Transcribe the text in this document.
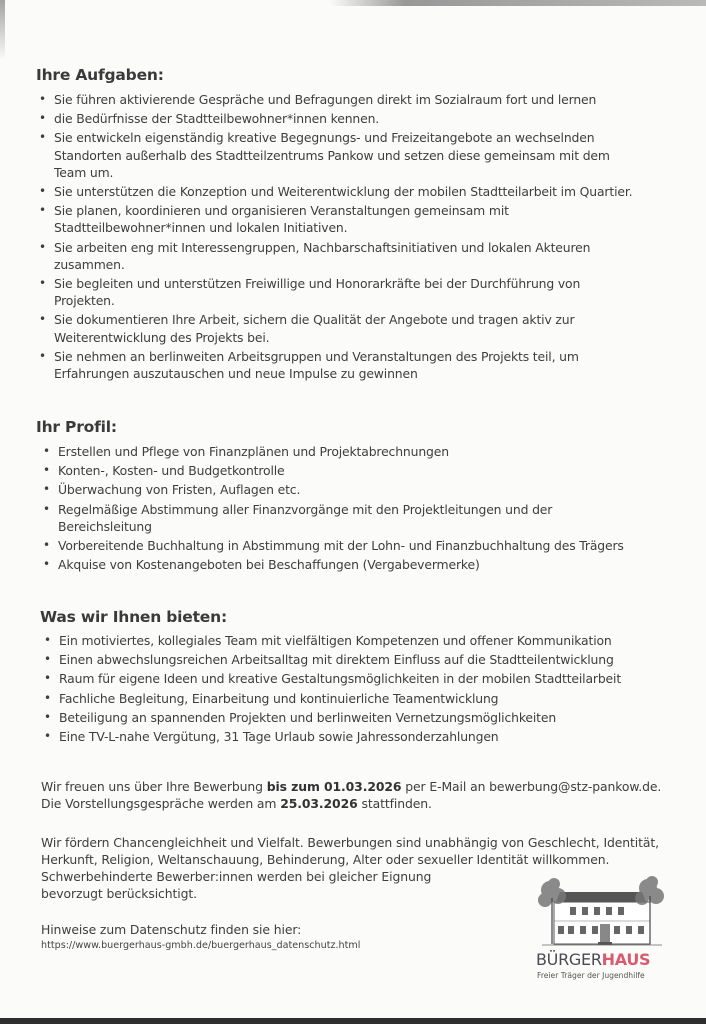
Ihre Aufgaben:
• Sie führen aktivierende Gespräche und Befragungen direkt im Sozialraum fort und lernen
• die Bedürfnisse der Stadtteilbewohner*innen kennen.
• Sie entwickeln eigenständig kreative Begegnungs- und Freizeitangebote an wechselnden Standorten außerhalb des Stadtteilzentrums Pankow und setzen diese gemeinsam mit dem Team um.
• Sie unterstützen die Konzeption und Weiterentwicklung der mobilen Stadtteilarbeit im Quartier.
• Sie planen, koordinieren und organisieren Veranstaltungen gemeinsam mit Stadtteilbewohner*innen und lokalen Initiativen.
• Sie arbeiten eng mit Interessengruppen, Nachbarschaftsinitiativen und lokalen Akteuren zusammen.
• Sie begleiten und unterstützen Freiwillige und Honorarkräfte bei der Durchführung von Projekten.
• Sie dokumentieren Ihre Arbeit, sichern die Qualität der Angebote und tragen aktiv zur Weiterentwicklung des Projekts bei.
• Sie nehmen an berlinweiten Arbeitsgruppen und Veranstaltungen des Projekts teil, um Erfahrungen auszutauschen und neue Impulse zu gewinnen
Ihr Profil:
• Erstellen und Pflege von Finanzplänen und Projektabrechnungen
• Konten-, Kosten- und Budgetkontrolle
• Überwachung von Fristen, Auflagen etc.
• Regelmäßige Abstimmung aller Finanzvorgänge mit den Projektleitungen und der Bereichsleitung
• Vorbereitende Buchhaltung in Abstimmung mit der Lohn- und Finanzbuchhaltung des Trägers
• Akquise von Kostenangeboten bei Beschaffungen (Vergabevermerke)
Was wir Ihnen bieten:
• Ein motiviertes, kollegiales Team mit vielfältigen Kompetenzen und offener Kommunikation
• Einen abwechslungsreichen Arbeitsalltag mit direktem Einfluss auf die Stadtteilentwicklung
• Raum für eigene Ideen und kreative Gestaltungsmöglichkeiten in der mobilen Stadtteilarbeit
• Fachliche Begleitung, Einarbeitung und kontinuierliche Teamentwicklung
• Beteiligung an spannenden Projekten und berlinweiten Vernetzungsmöglichkeiten
• Eine TV-L-nahe Vergütung, 31 Tage Urlaub sowie Jahressonderzahlungen
Wir freuen uns über Ihre Bewerbung bis zum 01.03.2026 per E-Mail an bewerbung@stz-pankow.de.
Die Vorstellungsgespräche werden am 25.03.2026 stattfinden.
Wir fördern Chancengleichheit und Vielfalt. Bewerbungen sind unabhängig von Geschlecht, Identität,
Herkunft, Religion, Weltanschauung, Behinderung, Alter oder sexueller Identität willkommen.
Schwerbehinderte Bewerber:innen werden bei gleicher Eignung
bevorzugt berücksichtigt.
Hinweise zum Datenschutz finden sie hier:
https://www.buergerhaus-gmbh.de/buergerhaus_datenschutz.html
BÜRGERHAUS
Freier Träger der Jugendhilfe
